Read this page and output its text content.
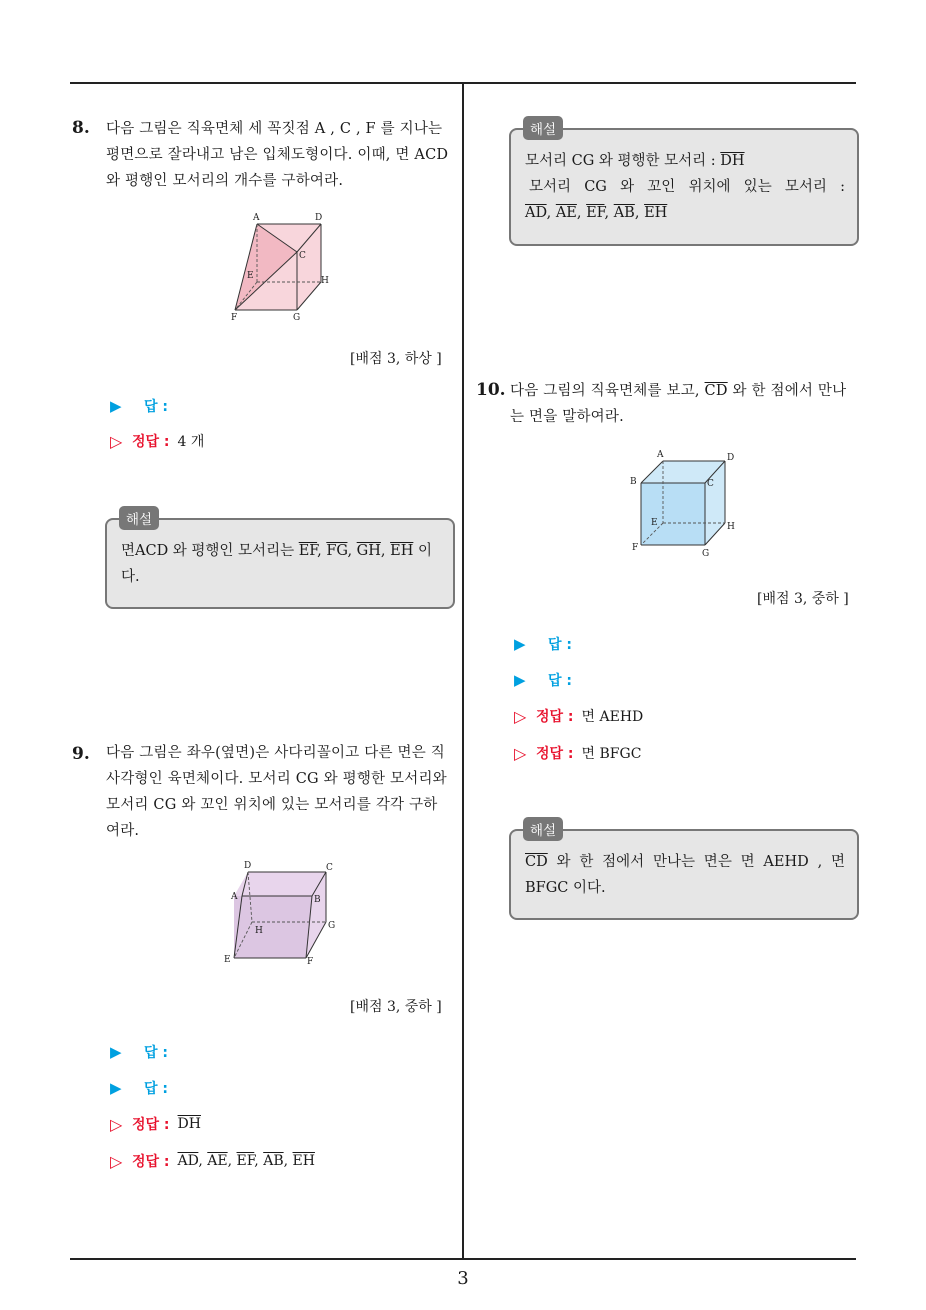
8. 다음 그림은 직육면체 세 꼭짓점 A , C , F 를 지나는
평면으로 잘라내고 남은 입체도형이다. 이때, 면 ACD
와 평행인 모서리의 개수를 구하여라.
A	D
C
E	H
F	G
[배점 3, 하상 ]
▶	답 :
▷ 정답 : 4 개
해설
면ACD 와 평행인 모서리는 $\overline{EF}$, $\overline{FG}$, $\overline{GH}$, $\overline{EH}$ 이
다.
9. 다음 그림은 좌우(옆면)은 사다리꼴이고 다른 면은 직
사각형인 육면체이다. 모서리 CG 와 평행한 모서리와
모서리 CG 와 꼬인 위치에 있는 모서리를 각각 구하
여라.
D	C
A	B
H	G
E	F
[배점 3, 중하 ]
▶	답 :
▶	답 :
▷ 정답 : $\overline{DH}$
▷ 정답 : $\overline{AD}$, $\overline{AE}$, $\overline{EF}$, $\overline{AB}$, $\overline{EH}$
해설
모서리 CG 와 평행한 모서리 : $\overline{DH}$
모서리 CG 와 꼬인 위치에 있는 모서리 :
$\overline{AD}$, $\overline{AE}$, $\overline{EF}$, $\overline{AB}$, $\overline{EH}$
10. 다음 그림의 직육면체를 보고, $\overline{CD}$ 와 한 점에서 만나
는 면을 말하여라.
A	D
B	C
E	H
F
G
[배점 3, 중하 ]
▶	답 :
▶	답 :
▷ 정답 : 면 AEHD
▷ 정답 : 면 BFGC
해설
$\overline{CD}$ 와 한 점에서 만나는 면은 면 AEHD , 면
BFGC 이다.
3
